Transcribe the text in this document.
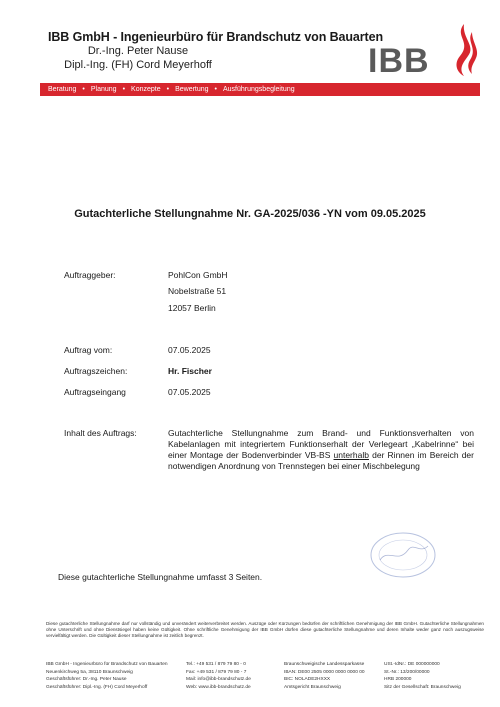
IBB GmbH - Ingenieurbüro für Brandschutz von Bauarten
Dr.-Ing. Peter Nause
Dipl.-Ing. (FH) Cord Meyerhoff	IBB
Beratung • Planung • Konzepte • Bewertung • Ausführungsbegleitung
Gutachterliche Stellungnahme Nr. GA-2025/036 -YN vom 09.05.2025
Auftraggeber:	PohlCon GmbH
Nobelstraße 51
12057 Berlin
Auftrag vom:	07.05.2025
Auftragszeichen:	Hr. Fischer
Auftragseingang	07.05.2025
Inhalt des Auftrags:	Gutachterliche Stellungnahme zum Brand- und Funktionsverhalten von Kabelanlagen mit integriertem Funktionserhalt der Verlegeart „Kabelrinne“ bei einer Montage der Bodenverbinder VB-BS unterhalb der Rinnen im Bereich der notwendigen Anordnung von Trennstegen bei einer Mischbelegung
Diese gutachterliche Stellungnahme umfasst 3 Seiten.
Diese gutachterliche Stellungnahme darf nur vollständig und unverändert weiterverbreitet werden. Auszüge oder Kürzungen bedürfen der schriftlichen Genehmigung der IBB GmbH. Gutachterliche Stellungnahmen ohne Unterschrift und ohne Dienstsiegel haben keine Gültigkeit. Ohne schriftliche Genehmigung der IBB GmbH dürfen diese gutachterliche Stellungnahme und deren Inhalte weder ganz noch auszugsweise vervielfältigt werden. Die Gültigkeit dieser Stellungnahme ist zeitlich begrenzt.
IBB GmbH - Ingenieurbüro für Brandschutz von Bauarten
Neuenkirchweg 5a, 38110 Braunschweig
Geschäftsführer: Dr.-Ing. Peter Nause
Geschäftsführer: Dipl.-Ing. (FH) Cord Meyerhoff
Tel.: +49 531 / 879 79 80 - 0
Fax: +49 531 / 879 79 80 - 7
Mail: info@ibb-brandschutz.de
Web: www.ibb-brandschutz.de
Braunschweigische Landessparkasse
IBAN: DE00 2505 0000 0000 0000 00
BIC: NOLADE2HXXX
Amtsgericht Braunschweig
USt.-IdNr.: DE 000000000
St.-Nr.: 13/200/00000
HRB 200000
Sitz der Gesellschaft: Braunschweig
